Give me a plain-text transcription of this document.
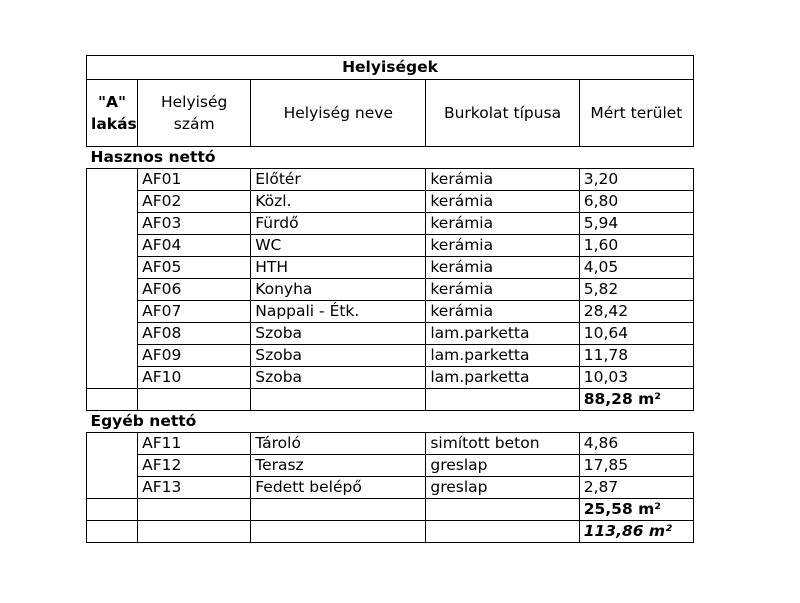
Helyiségek				
"A" lakás	Helyiség szám	Helyiség neve	Burkolat típusa	Mért terület
Hasznos nettó				
	AF01	Előtér	kerámia	3,20
	AF02	Közl.	kerámia	6,80
	AF03	Fürdő	kerámia	5,94
	AF04	WC	kerámia	1,60
	AF05	HTH	kerámia	4,05
	AF06	Konyha	kerámia	5,82
	AF07	Nappali - Étk.	kerámia	28,42
	AF08	Szoba	lam.parketta	10,64
	AF09	Szoba	lam.parketta	11,78
	AF10	Szoba	lam.parketta	10,03
				88,28 m²
Egyéb nettó				
	AF11	Tároló	simított beton	4,86
	AF12	Terasz	greslap	17,85
	AF13	Fedett belépő	greslap	2,87
				25,58 m²
				113,86 m²
